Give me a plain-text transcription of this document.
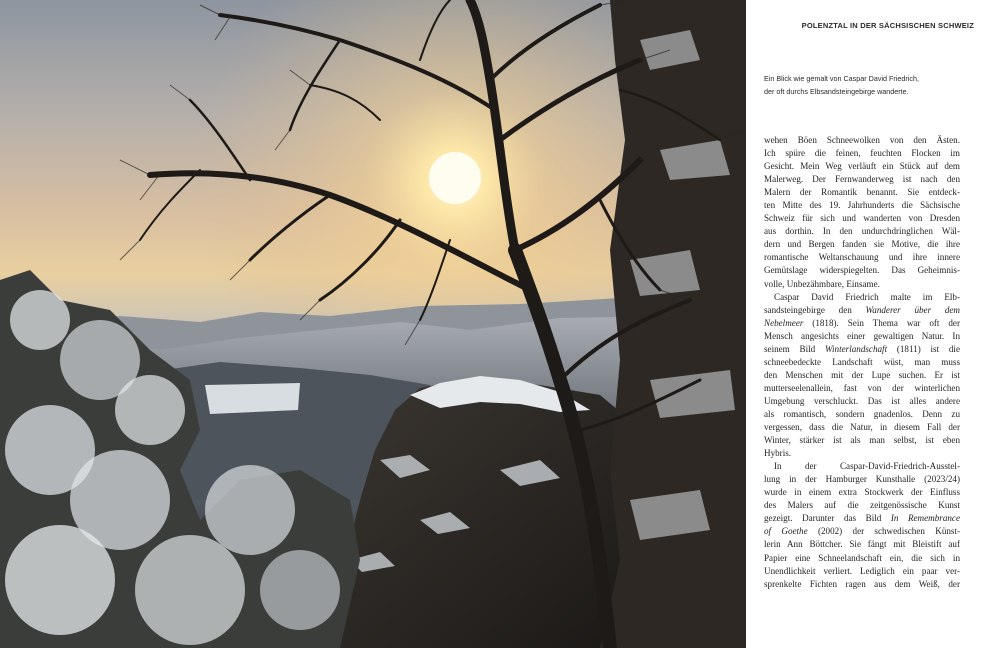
POLENZTAL IN DER SÄCHSISCHEN SCHWEIZ
Ein Blick wie gemalt von Caspar David Friedrich,
der oft durchs Elbsandsteingebirge wanderte.
wehen Böen Schneewolken von den Ästen.
Ich spüre die feinen, feuchten Flocken im
Gesicht. Mein Weg verläuft ein Stück auf dem
Malerweg. Der Fernwanderweg ist nach den
Malern der Romantik benannt. Sie entdeck-
ten Mitte des 19. Jahrhunderts die Sächsische
Schweiz für sich und wanderten von Dresden
aus dorthin. In den undurchdringlichen Wäl-
dern und Bergen fanden sie Motive, die ihre
romantische Weltanschauung und ihre innere
Gemütslage widerspiegelten. Das Geheimnis-
volle, Unbezähmbare, Einsame.
Caspar David Friedrich malte im Elb-
sandsteingebirge den Wanderer über dem
Nebelmeer (1818). Sein Thema war oft der
Mensch angesichts einer gewaltigen Natur. In
seinem Bild Winterlandschaft (1811) ist die
schneebedeckte Landschaft wüst, man muss
den Menschen mit der Lupe suchen. Er ist
mutterseelenallein, fast von der winterlichen
Umgebung verschluckt. Das ist alles andere
als romantisch, sondern gnadenlos. Denn zu
vergessen, dass die Natur, in diesem Fall der
Winter, stärker ist als man selbst, ist eben
Hybris.
In der Caspar-David-Friedrich-Ausstel-
lung in der Hamburger Kunsthalle (2023/24)
wurde in einem extra Stockwerk der Einfluss
des Malers auf die zeitgenössische Kunst
gezeigt. Darunter das Bild In Remembrance
of Goethe (2002) der schwedischen Künst-
lerin Ann Böttcher. Sie fängt mit Bleistift auf
Papier eine Schneelandschaft ein, die sich in
Unendlichkeit verliert. Lediglich ein paar ver-
sprenkelte Fichten ragen aus dem Weiß, der
